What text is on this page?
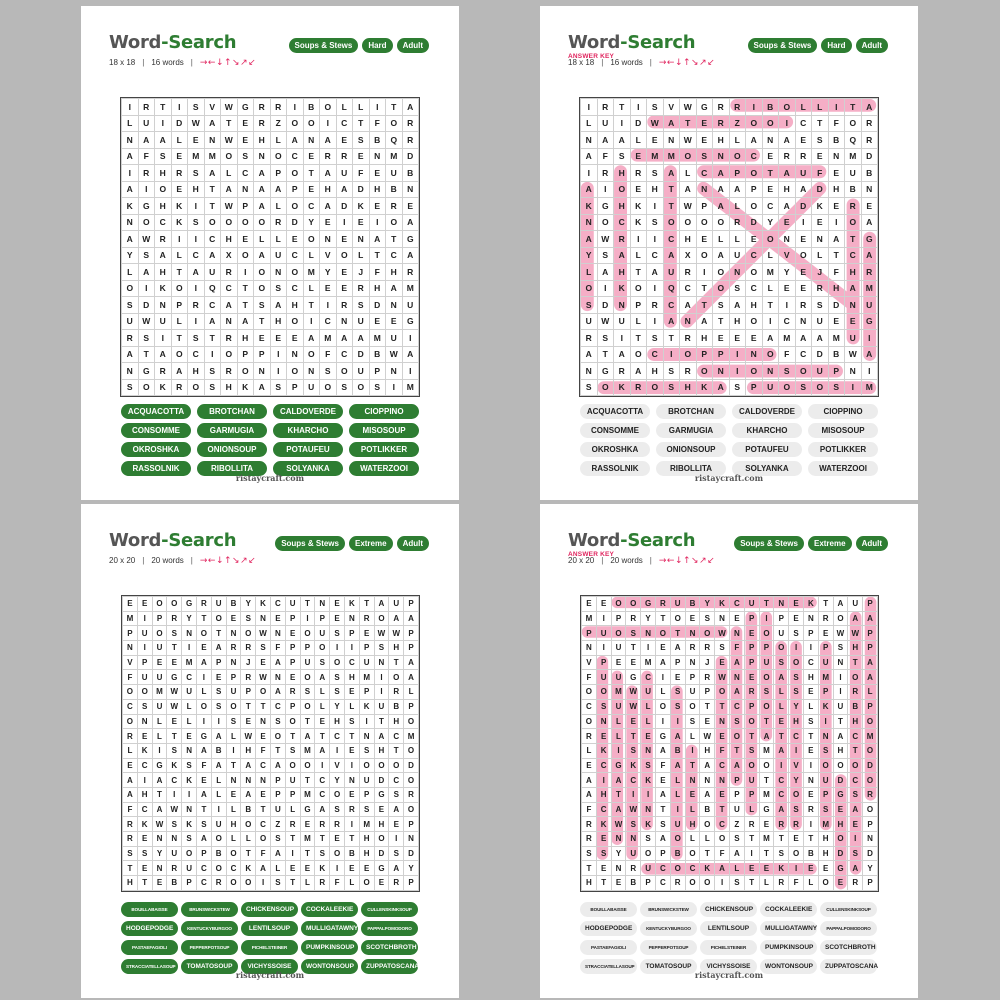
Word-Search
18 x 18 | 16 words | →←↓↑↘↗↙
Soups & Stews	Hard	Adult
I	R	T	I	S	V	W	G	R	R	I	B	O	L	L	I	T	A
L	U	I	D	W	A	T	E	R	Z	O	O	I	C	T	F	O	R
N	A	A	L	E	N	W	E	H	L	A	N	A	E	S	B	Q	R
A	F	S	E	M	M	O	S	N	O	C	E	R	R	E	N	M	D
I	R	H	R	S	A	L	C	A	P	O	T	A	U	F	E	U	B
A	I	O	E	H	T	A	N	A	A	P	E	H	A	D	H	B	N
K	G	H	K	I	T	W	P	A	L	O	C	A	D	K	E	R	E
N	O	C	K	S	O	O	O	O	R	D	Y	E	I	E	I	O	A
A	W	R	I	I	C	H	E	L	L	E	O	N	E	N	A	T	G
Y	S	A	L	C	A	X	O	A	U	C	L	V	O	L	T	C	A
L	A	H	T	A	U	R	I	O	N	O	M	Y	E	J	F	H	R
O	I	K	O	I	Q	C	T	O	S	C	L	E	E	R	H	A	M
S	D	N	P	R	C	A	T	S	A	H	T	I	R	S	D	N	U
U	W	U	L	I	A	N	A	T	H	O	I	C	N	U	E	E	G
R	S	I	T	S	T	R	H	E	E	E	A	M	A	A	M	U	I
A	T	A	O	C	I	O	P	P	I	N	O	F	C	D	B	W	A
N	G	R	A	H	S	R	O	N	I	O	N	S	O	U	P	N	I
S	O	K	R	O	S	H	K	A	S	P	U	O	S	O	S	I	M
ACQUACOTTA	BROTCHAN	CALDOVERDE	CIOPPINO
CONSOMME	GARMUGIA	KHARCHO	MISOSOUP
OKROSHKA	ONIONSOUP	POTAUFEU	POTLIKKER
RASSOLNIK	RIBOLLITA	SOLYANKA	WATERZOOI
ristaycraft.com
Word-Search
ANSWER KEY
18 x 18 | 16 words | →←↓↑↘↗↙
Soups & Stews	Hard	Adult
I	R	T	I	S	V	W	G	R	R	I	B	O	L	L	I	T	A
L	U	I	D	W	A	T	E	R	Z	O	O	I	C	T	F	O	R
N	A	A	L	E	N	W	E	H	L	A	N	A	E	S	B	Q	R
A	F	S	E	M	M	O	S	N	O	C	E	R	R	E	N	M	D
I	R	H	R	S	A	L	C	A	P	O	T	A	U	F	E	U	B
A	I	O	E	H	T	A	N	A	A	P	E	H	A	D	H	B	N
K	G	H	K	I	T	W	P	A	L	O	C	A	D	K	E	R	E
N	O	C	K	S	O	O	O	O	R	D	Y	E	I	E	I	O	A
A	W	R	I	I	C	H	E	L	L	E	O	N	E	N	A	T	G
Y	S	A	L	C	A	X	O	A	U	C	L	V	O	L	T	C	A
L	A	H	T	A	U	R	I	O	N	O	M	Y	E	J	F	H	R
O	I	K	O	I	Q	C	T	O	S	C	L	E	E	R	H	A	M
S	D	N	P	R	C	A	T	S	A	H	T	I	R	S	D	N	U
U	W	U	L	I	A	N	A	T	H	O	I	C	N	U	E	E	G
R	S	I	T	S	T	R	H	E	E	E	A	M	A	A	M	U	I
A	T	A	O	C	I	O	P	P	I	N	O	F	C	D	B	W	A
N	G	R	A	H	S	R	O	N	I	O	N	S	O	U	P	N	I
S	O	K	R	O	S	H	K	A	S	P	U	O	S	O	S	I	M
ACQUACOTTA	BROTCHAN	CALDOVERDE	CIOPPINO
CONSOMME	GARMUGIA	KHARCHO	MISOSOUP
OKROSHKA	ONIONSOUP	POTAUFEU	POTLIKKER
RASSOLNIK	RIBOLLITA	SOLYANKA	WATERZOOI
ristaycraft.com
Word-Search
20 x 20 | 20 words | →←↓↑↘↗↙
Soups & Stews	Extreme	Adult
E	E	O	O	G	R	U	B	Y	K	C	U	T	N	E	K	T	A	U	P
M	I	P	R	Y	T	O	E	S	N	E	P	I	P	E	N	R	O	A	A
P	U	O	S	N	O	T	N	O	W	N	E	O	U	S	P	E	W	W	P
N	I	U	T	I	E	A	R	R	S	F	P	P	O	I	I	P	S	H	P
V	P	E	E	M	A	P	N	J	E	A	P	U	S	O	C	U	N	T	A
F	U	U	G	C	I	E	P	R	W	N	E	O	A	S	H	M	I	O	A
O	O	M	W	U	L	S	U	P	O	A	R	S	L	S	E	P	I	R	L
C	S	U	W	L	O	S	O	T	T	C	P	O	L	Y	L	K	U	B	P
O	N	L	E	L	I	I	S	E	N	S	O	T	E	H	S	I	T	H	O
R	E	L	T	E	G	A	L	W	E	O	T	A	T	C	T	N	A	C	M
L	K	I	S	N	A	B	I	H	F	T	S	M	A	I	E	S	H	T	O
E	C	G	K	S	F	A	T	A	C	A	O	O	I	V	I	O	O	O	D
A	I	A	C	K	E	L	N	N	N	P	U	T	C	Y	N	U	D	C	O
A	H	T	I	I	A	L	E	A	E	P	P	M	C	O	E	P	G	S	R
F	C	A	W	N	T	I	L	B	T	U	L	G	A	S	R	S	E	A	O
R	K	W	S	K	S	U	H	O	C	Z	R	E	R	R	I	M	H	E	P
R	E	N	N	S	A	O	L	L	O	S	T	M	T	E	T	H	O	I	N
S	S	Y	U	O	P	B	O	T	F	A	I	T	S	O	B	H	D	S	D
T	E	N	R	U	C	O	C	K	A	L	E	E	K	I	E	E	G	A	Y
H	T	E	B	P	C	R	O	O	I	S	T	L	R	F	L	O	E	R	P
BOUILLABAISSE	BRUNSWICKSTEW	CHICKENSOUP	COCKALEEKIE	CULLENSKINKSOUP
HODGEPODGE	KENTUCKYBURGOO	LENTILSOUP	MULLIGATAWNY	PAPPALPOMODORO
PASTAEFAGIOLI	PEPPERPOTSOUP	PICHELSTEINER	PUMPKINSOUP	SCOTCHBROTH
STRACCIATELLASOUP	TOMATOSOUP	VICHYSSOISE	WONTONSOUP	ZUPPATOSCANA
ristaycraft.com
Word-Search
ANSWER KEY
20 x 20 | 20 words | →←↓↑↘↗↙
Soups & Stews	Extreme	Adult
E	E	O	O	G	R	U	B	Y	K	C	U	T	N	E	K	T	A	U	P
M	I	P	R	Y	T	O	E	S	N	E	P	I	P	E	N	R	O	A	A
P	U	O	S	N	O	T	N	O	W	N	E	O	U	S	P	E	W	W	P
N	I	U	T	I	E	A	R	R	S	F	P	P	O	I	I	P	S	H	P
V	P	E	E	M	A	P	N	J	E	A	P	U	S	O	C	U	N	T	A
F	U	U	G	C	I	E	P	R	W	N	E	O	A	S	H	M	I	O	A
O	O	M	W	U	L	S	U	P	O	A	R	S	L	S	E	P	I	R	L
C	S	U	W	L	O	S	O	T	T	C	P	O	L	Y	L	K	U	B	P
O	N	L	E	L	I	I	S	E	N	S	O	T	E	H	S	I	T	H	O
R	E	L	T	E	G	A	L	W	E	O	T	A	T	C	T	N	A	C	M
L	K	I	S	N	A	B	I	H	F	T	S	M	A	I	E	S	H	T	O
E	C	G	K	S	F	A	T	A	C	A	O	O	I	V	I	O	O	O	D
A	I	A	C	K	E	L	N	N	N	P	U	T	C	Y	N	U	D	C	O
A	H	T	I	I	A	L	E	A	E	P	P	M	C	O	E	P	G	S	R
F	C	A	W	N	T	I	L	B	T	U	L	G	A	S	R	S	E	A	O
R	K	W	S	K	S	U	H	O	C	Z	R	E	R	R	I	M	H	E	P
R	E	N	N	S	A	O	L	L	O	S	T	M	T	E	T	H	O	I	N
S	S	Y	U	O	P	B	O	T	F	A	I	T	S	O	B	H	D	S	D
T	E	N	R	U	C	O	C	K	A	L	E	E	K	I	E	E	G	A	Y
H	T	E	B	P	C	R	O	O	I	S	T	L	R	F	L	O	E	R	P
BOUILLABAISSE	BRUNSWICKSTEW	CHICKENSOUP	COCKALEEKIE	CULLENSKINKSOUP
HODGEPODGE	KENTUCKYBURGOO	LENTILSOUP	MULLIGATAWNY	PAPPALPOMODORO
PASTAEFAGIOLI	PEPPERPOTSOUP	PICHELSTEINER	PUMPKINSOUP	SCOTCHBROTH
STRACCIATELLASOUP	TOMATOSOUP	VICHYSSOISE	WONTONSOUP	ZUPPATOSCANA
ristaycraft.com
